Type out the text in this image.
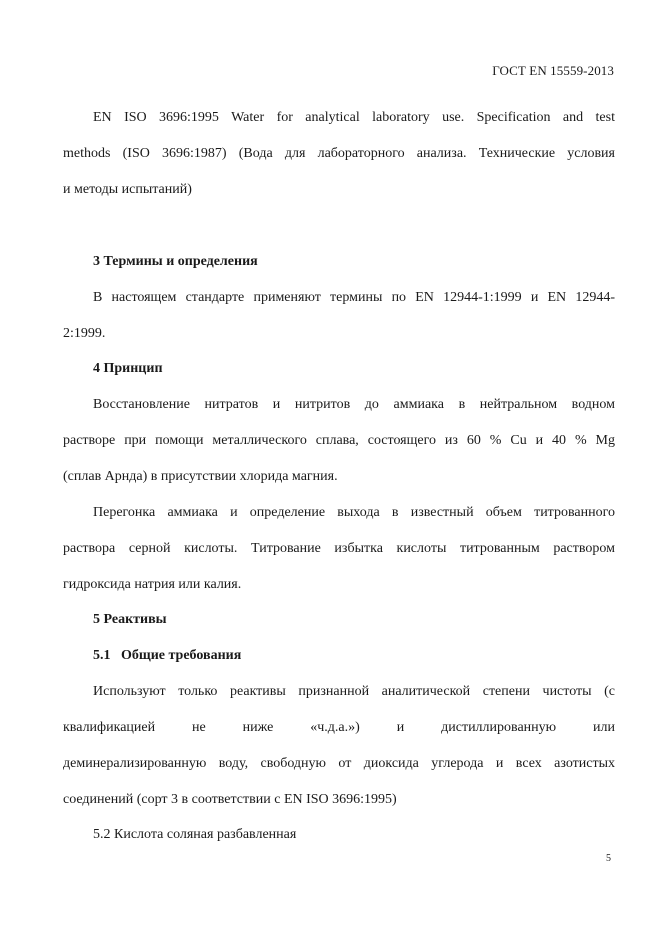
ГОСТ EN 15559-2013
EN ISO 3696:1995 Water for analytical laboratory use. Specification and test
methods (ISO 3696:1987) (Вода для лабораторного анализа. Технические условия
и методы испытаний)
3 Термины и определения
В настоящем стандарте применяют термины по EN 12944-1:1999 и EN 12944-
2:1999.
4 Принцип
Восстановление нитратов и нитритов до аммиака в нейтральном водном
растворе при помощи металлического сплава, состоящего из 60 % Cu и 40 % Mg
(сплав Арнда) в присутствии хлорида магния.
Перегонка аммиака и определение выхода в известный объем титрованного
раствора серной кислоты. Титрование избытка кислоты титрованным раствором
гидроксида натрия или калия.
5 Реактивы
5.1   Общие требования
Используют только реактивы признанной аналитической степени чистоты (с
квалификацией не ниже «ч.д.а.») и дистиллированную или
деминерализированную воду, свободную от диоксида углерода и всех азотистых
соединений (сорт 3 в соответствии с EN ISO 3696:1995)
5.2 Кислота соляная разбавленная
5
